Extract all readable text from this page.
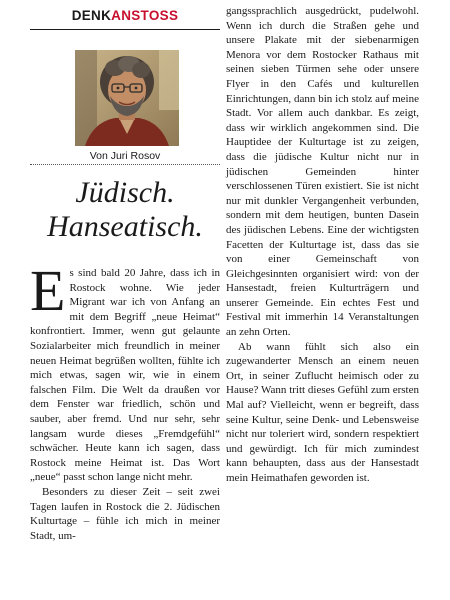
DENKANSTOSS
Von Juri Rosov
Jüdisch.
Hanseatisch.

Es sind bald 20 Jahre, dass ich in Rostock wohne. Wie jeder Migrant war ich von Anfang an mit dem Begriff „neue Heimat“ konfrontiert. Immer, wenn gut gelaunte Sozialarbeiter mich freundlich in meiner neuen Heimat begrüßen wollten, fühlte ich mich etwas, sagen wir, wie in einem falschen Film. Die Welt da draußen vor dem Fenster war friedlich, schön und sauber, aber fremd. Und nur sehr, sehr langsam wurde dieses „Fremdgefühl“ schwächer. Heute kann ich sagen, dass Rostock meine Heimat ist. Das Wort „neue“ passt schon lange nicht mehr.

Besonders zu dieser Zeit – seit zwei Tagen laufen in Rostock die 2. Jüdischen Kulturtage – fühle ich mich in meiner Stadt, um-

gangssprachlich ausgedrückt, pudelwohl. Wenn ich durch die Straßen gehe und unsere Plakate mit der siebenarmigen Menora vor dem Rostocker Rathaus mit seinen sieben Türmen sehe oder unsere Flyer in den Cafés und kulturellen Einrichtungen, dann bin ich stolz auf meine Stadt. Vor allem auch dankbar. Es zeigt, dass wir wirklich angekommen sind. Die Hauptidee der Kulturtage ist zu zeigen, dass die jüdische Kultur nicht nur in jüdischen Gemeinden hinter verschlossenen Türen existiert. Sie ist nicht nur mit dunkler Vergangenheit verbunden, sondern mit dem heutigen, bunten Dasein des jüdischen Lebens. Eine der wichtigsten Facetten der Kulturtage ist, dass das sie von einer Gemeinschaft von Gleichgesinnten organisiert wird: von der Hansestadt, freien Kulturträgern und unserer Gemeinde. Ein echtes Fest und Festival mit immerhin 14 Veranstaltungen an zehn Orten.

Ab wann fühlt sich also ein zugewanderter Mensch an einem neuen Ort, in seiner Zuflucht heimisch oder zu Hause? Wann tritt dieses Gefühl zum ersten Mal auf? Vielleicht, wenn er begreift, dass seine Kultur, seine Denk- und Lebensweise nicht nur toleriert wird, sondern respektiert und gewürdigt. Ich für mich zumindest kann behaupten, dass aus der Hansestadt mein Heimathafen geworden ist.
